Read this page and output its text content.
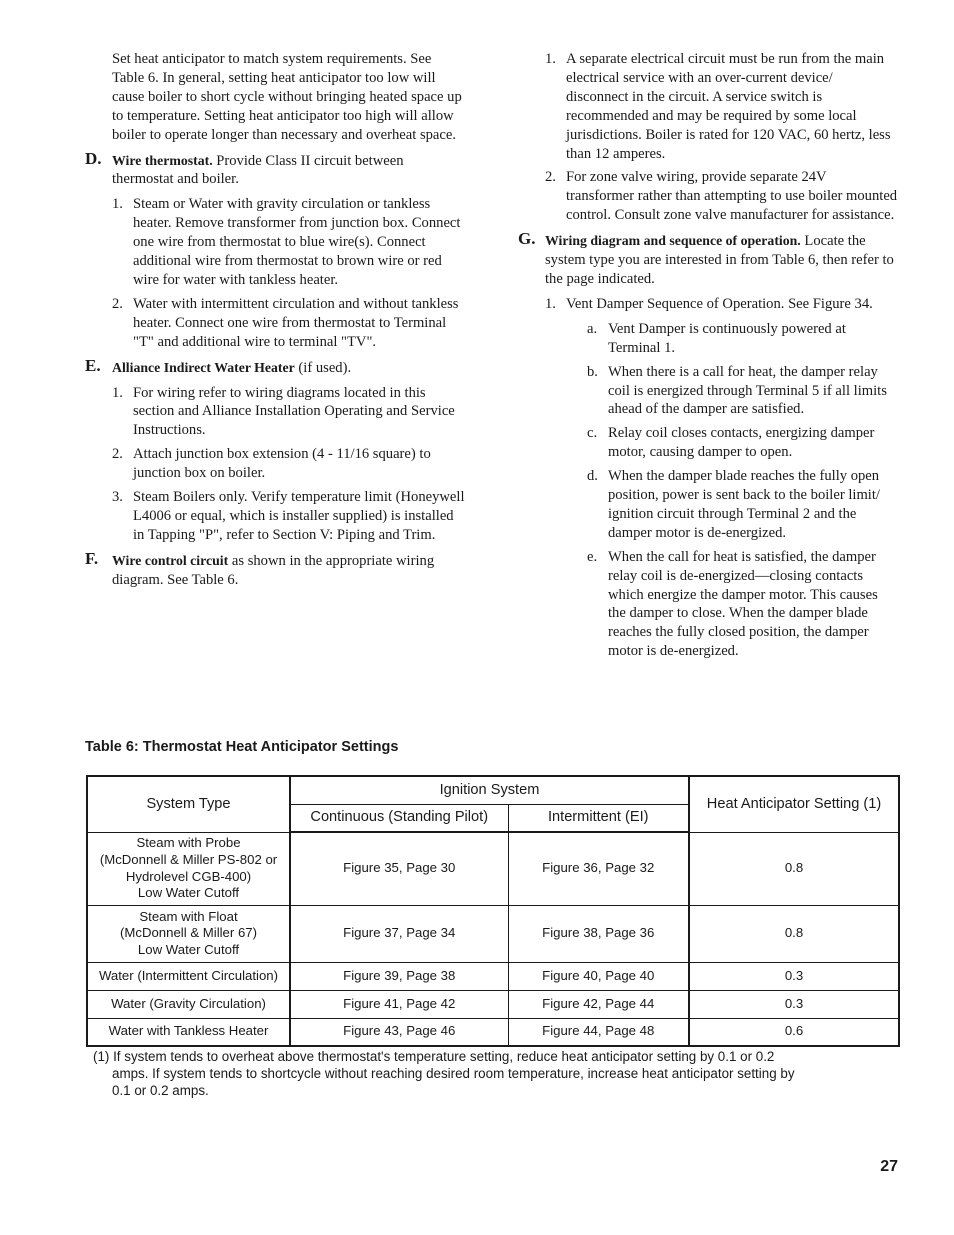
Set heat anticipator to match system requirements. See Table 6. In general, setting heat anticipator too low will cause boiler to short cycle without bringing heated space up to temperature. Setting heat anticipator too high will allow boiler to operate longer than necessary and overheat space.

D. Wire thermostat. Provide Class II circuit between thermostat and boiler.

1. Steam or Water with gravity circulation or tankless heater. Remove transformer from junction box. Connect one wire from thermostat to blue wire(s). Connect additional wire from thermostat to brown wire or red wire for water with tankless heater.
2. Water with intermittent circulation and without tankless heater. Connect one wire from thermostat to Terminal "T" and additional wire to terminal "TV".
E. Alliance Indirect Water Heater (if used).

1. For wiring refer to wiring diagrams located in this section and Alliance Installation Operating and Service Instructions.
2. Attach junction box extension (4 - 11/16 square) to junction box on boiler.
3. Steam Boilers only. Verify temperature limit (Honeywell L4006 or equal, which is installer supplied) is installed in Tapping "P", refer to Section V: Piping and Trim.
F. Wire control circuit as shown in the appropriate wiring diagram. See Table 6.

1. A separate electrical circuit must be run from the main electrical service with an over-current device/ disconnect in the circuit. A service switch is recommended and may be required by some local jurisdictions. Boiler is rated for 120 VAC, 60 hertz, less than 12 amperes.
2. For zone valve wiring, provide separate 24V transformer rather than attempting to use boiler mounted control. Consult zone valve manufacturer for assistance.
G. Wiring diagram and sequence of operation. Locate the system type you are interested in from Table 6, then refer to the page indicated.

1. Vent Damper Sequence of Operation. See Figure 34.
a. Vent Damper is continuously powered at Terminal 1.
b. When there is a call for heat, the damper relay coil is energized through Terminal 5 if all limits ahead of the damper are satisfied.
c. Relay coil closes contacts, energizing damper motor, causing damper to open.
d. When the damper blade reaches the fully open position, power is sent back to the boiler limit/ ignition circuit through Terminal 2 and the damper motor is de-energized.
e. When the call for heat is satisfied, the damper relay coil is de-energized—closing contacts which energize the damper motor. This causes the damper to close. When the damper blade reaches the fully closed position, the damper motor is de-energized.
Table 6: Thermostat Heat Anticipator Settings
System Type	Ignition System		Heat Anticipator Setting (1)
	Continuous (Standing Pilot)	Intermittent (EI)	

Steam with Probe
(McDonnell & Miller PS-802 or
Hydrolevel CGB-400)
Low Water Cutoff	Figure 35, Page 30	Figure 36, Page 32	0.8

Steam with Float
(McDonnell & Miller 67)
Low Water Cutoff	Figure 37, Page 34	Figure 38, Page 36	0.8

Water (Intermittent Circulation)	Figure 39, Page 38	Figure 40, Page 40	0.3

Water (Gravity Circulation)	Figure 41, Page 42	Figure 42, Page 44	0.3

Water with Tankless Heater	Figure 43, Page 46	Figure 44, Page 48	0.6
(1) If system tends to overheat above thermostat's temperature setting, reduce heat anticipator setting by 0.1 or 0.2 amps. If system tends to shortcycle without reaching desired room temperature, increase heat anticipator setting by 0.1 or 0.2 amps.
27
